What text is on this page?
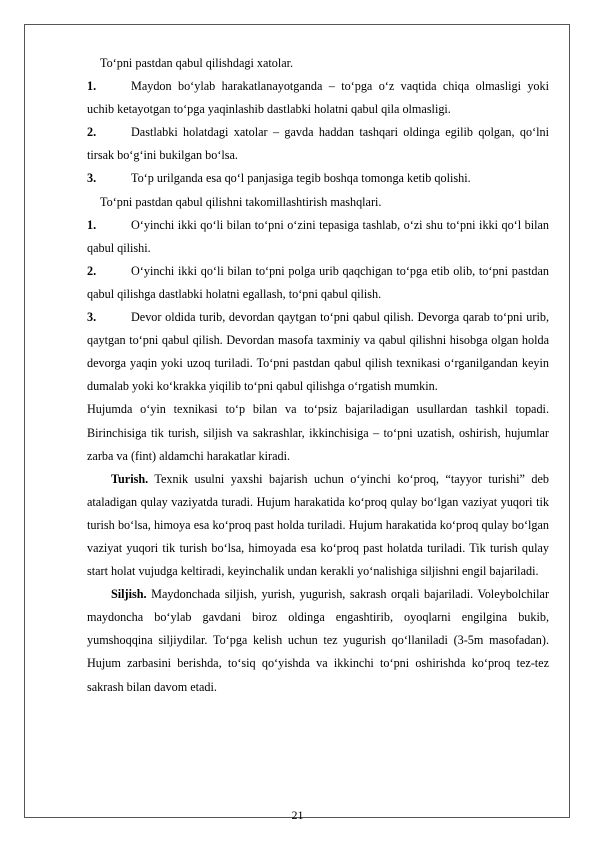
To‘pni pastdan qabul qilishdagi xatolar.

1.	Maydon bo‘ylab harakatlanayotganda – to‘pga o‘z vaqtida chiqa olmasligi yoki uchib ketayotgan to‘pga yaqinlashib dastlabki holatni qabul qila olmasligi.
2.	Dastlabki holatdagi xatolar – gavda haddan tashqari oldinga egilib qolgan, qo‘lni tirsak bo‘g‘ini bukilgan bo‘lsa.
3.	To‘p urilganda esa qo‘l panjasiga tegib boshqa tomonga ketib qolishi.

To‘pni pastdan qabul qilishni takomillashtirish mashqlari.

1.	O‘yinchi ikki qo‘li bilan to‘pni o‘zini tepasiga tashlab, o‘zi shu to‘pni ikki qo‘l bilan qabul qilishi.
2.	O‘yinchi ikki qo‘li bilan to‘pni polga urib qaqchigan to‘pga etib olib, to‘pni pastdan qabul qilishga dastlabki holatni egallash, to‘pni qabul qilish.
3.	Devor oldida turib, devordan qaytgan to‘pni qabul qilish. Devorga qarab to‘pni urib, qaytgan to‘pni qabul qilish. Devordan masofa taxminiy va qabul qilishni hisobga olgan holda devorga yaqin yoki uzoq turiladi. To‘pni pastdan qabul qilish texnikasi o‘rganilgandan keyin dumalab yoki ko‘krakka yiqilib to‘pni qabul qilishga o‘rgatish mumkin.

Hujumda o‘yin texnikasi to‘p bilan va to‘psiz bajariladigan usullardan tashkil topadi. Birinchisiga tik turish, siljish va sakrashlar, ikkinchisiga – to‘pni uzatish, oshirish, hujumlar zarba va (fint) aldamchi harakatlar kiradi.

Turish. Texnik usulni yaxshi bajarish uchun o‘yinchi ko‘proq, “tayyor turishi” deb ataladigan qulay vaziyatda turadi. Hujum harakatida ko‘proq qulay bo‘lgan vaziyat yuqori tik turish bo‘lsa, himoya esa ko‘proq past holda turiladi. Hujum harakatida ko‘proq qulay bo‘lgan vaziyat yuqori tik turish bo‘lsa, himoyada esa ko‘proq past holatda turiladi. Tik turish qulay start holat vujudga keltiradi, keyinchalik undan kerakli yo‘nalishiga siljishni engil bajariladi.

Siljish. Maydonchada siljish, yurish, yugurish, sakrash orqali bajariladi. Voleybolchilar maydoncha bo‘ylab gavdani biroz oldinga engashtirib, oyoqlarni engilgina bukib, yumshoqqina siljiydilar. To‘pga kelish uchun tez yugurish qo‘llaniladi (3-5m masofadan). Hujum zarbasini berishda, to‘siq qo‘yishda va ikkinchi to‘pni oshirishda ko‘proq tez-tez sakrash bilan davom etadi.

21
